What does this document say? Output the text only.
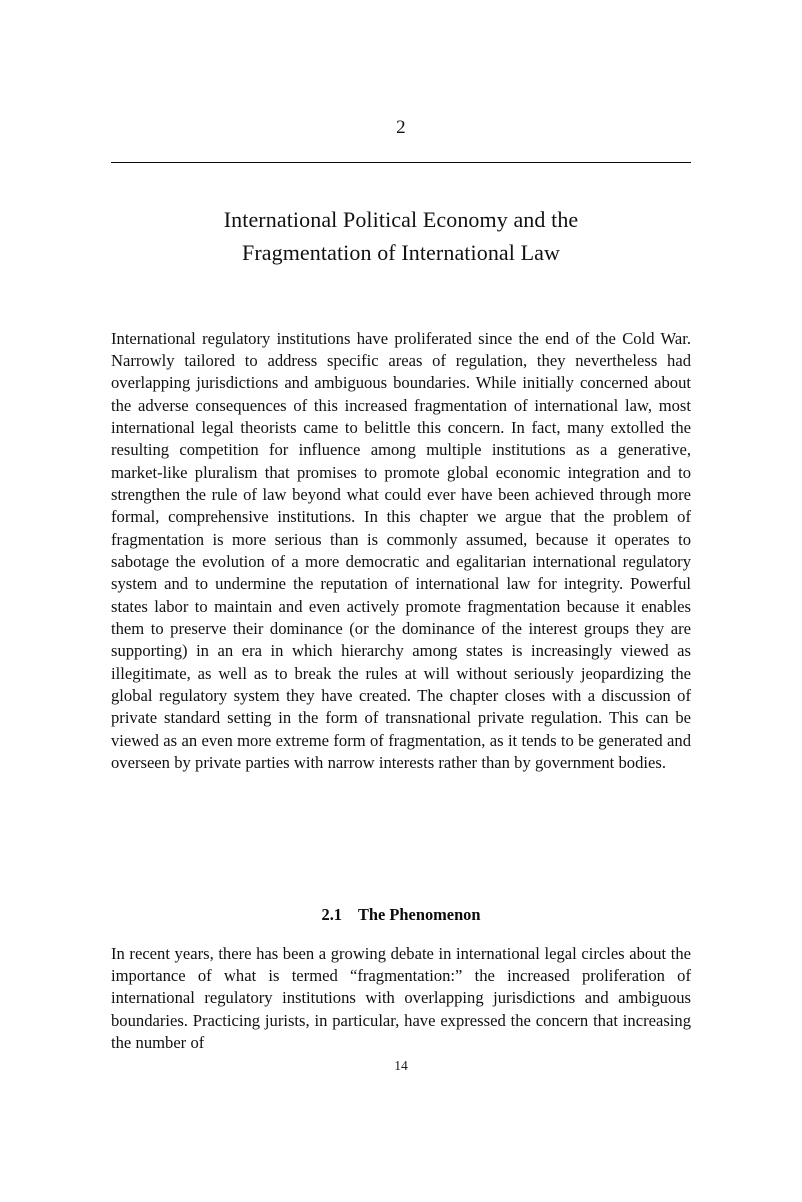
2
International Political Economy and the
Fragmentation of International Law

International regulatory institutions have proliferated since the end of the Cold War. Narrowly tailored to address specific areas of regulation, they nevertheless had overlapping jurisdictions and ambiguous boundaries. While initially concerned about the adverse consequences of this increased fragmentation of international law, most international legal theorists came to belittle this concern. In fact, many extolled the resulting competition for influence among multiple institutions as a generative, market-like pluralism that promises to promote global economic integration and to strengthen the rule of law beyond what could ever have been achieved through more formal, comprehensive institutions. In this chapter we argue that the problem of fragmentation is more serious than is commonly assumed, because it operates to sabotage the evolution of a more democratic and egalitarian international regulatory system and to undermine the reputation of international law for integrity. Powerful states labor to maintain and even actively promote fragmentation because it enables them to preserve their dominance (or the dominance of the interest groups they are supporting) in an era in which hierarchy among states is increasingly viewed as illegitimate, as well as to break the rules at will without seriously jeopardizing the global regulatory system they have created. The chapter closes with a discussion of private standard setting in the form of transnational private regulation. This can be viewed as an even more extreme form of fragmentation, as it tends to be generated and overseen by private parties with narrow interests rather than by government bodies.

2.1 The Phenomenon

In recent years, there has been a growing debate in international legal circles about the importance of what is termed “fragmentation:” the increased proliferation of international regulatory institutions with overlapping jurisdictions and ambiguous boundaries. Practicing jurists, in particular, have expressed the concern that increasing the number of

14
